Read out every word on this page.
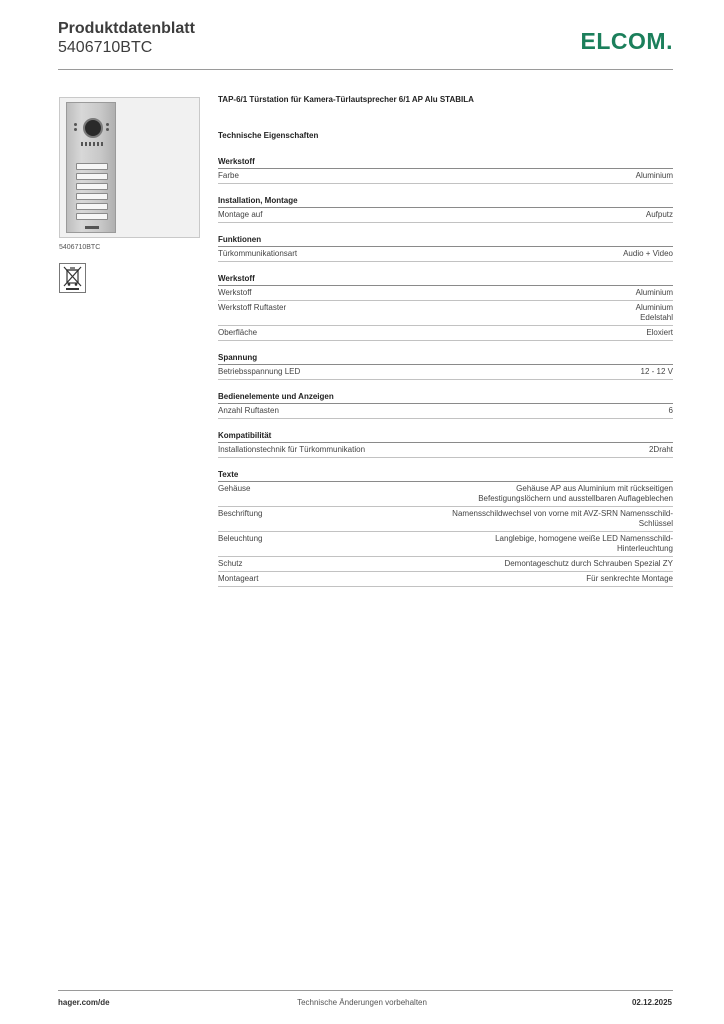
Produktdatenblatt
5406710BTC	ELCOM.
5406710BTC
TAP-6/1 Türstation für Kamera-Türlautsprecher 6/1 AP Alu STABILA
Technische Eigenschaften
Werkstoff
Farbe	Aluminium
Installation, Montage
Montage auf	Aufputz
Funktionen
Türkommunikationsart	Audio + Video
Werkstoff
Werkstoff	Aluminium
Werkstoff Ruftaster	Aluminium
Edelstahl
Oberfläche	Eloxiert
Spannung
Betriebsspannung LED	12 - 12 V
Bedienelemente und Anzeigen
Anzahl Ruftasten	6
Kompatibilität
Installationstechnik für Türkommunikation	2Draht
Texte
Gehäuse	Gehäuse AP aus Aluminium mit rückseitigen
Befestigungslöchern und ausstellbaren Auflageblechen
Beschriftung	Namensschildwechsel von vorne mit AVZ-SRN Namensschild-
Schlüssel
Beleuchtung	Langlebige, homogene weiße LED Namensschild-
Hinterleuchtung
Schutz	Demontageschutz durch Schrauben Spezial ZY
Montageart	Für senkrechte Montage
hager.com/de	Technische Änderungen vorbehalten	02.12.2025
